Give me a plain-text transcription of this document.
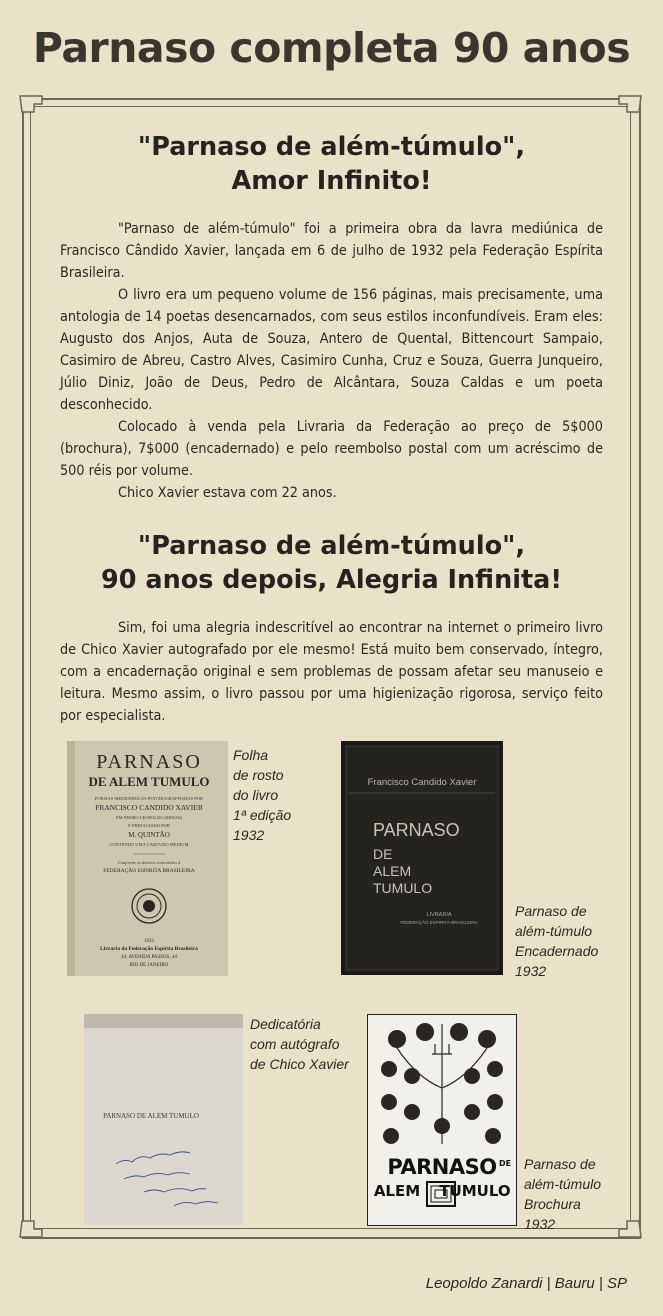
Parnaso completa 90 anos
"Parnaso de além-túmulo",
Amor Infinito!

"Parnaso de além-túmulo" foi a primeira obra da lavra mediúnica de Francisco Cândido Xavier, lançada em 6 de julho de 1932 pela Federação Espírita Brasileira.

O livro era um pequeno volume de 156 páginas, mais precisamente, uma antologia de 14 poetas desencarnados, com seus estilos inconfundíveis. Eram eles: Augusto dos Anjos, Auta de Souza, Antero de Quental, Bittencourt Sampaio, Casimiro de Abreu, Castro Alves, Casimiro Cunha, Cruz e Souza, Guerra Junqueiro, Júlio Diniz, João de Deus, Pedro de Alcântara, Souza Caldas e um poeta desconhecido.

Colocado à venda pela Livraria da Federação ao preço de 5$000 (brochura), 7$000 (encadernado) e pelo reembolso postal com um acréscimo de 500 réis por volume.

Chico Xavier estava com 22 anos.

"Parnaso de além-túmulo",
90 anos depois, Alegria Infinita!

Sim, foi uma alegria indescritível ao encontrar na internet o primeiro livro de Chico Xavier autografado por ele mesmo! Está muito bem conservado, íntegro, com a encadernação original e sem problemas de possam afetar seu manuseio e leitura. Mesmo assim, o livro passou por uma higienização rigorosa, serviço feito por especialista.

PARNASO
DE ALEM TUMULO
POESIAS MEDIUMNICAS PSYCHOGRAPHADAS POR
FRANCISCO CANDIDO XAVIER
EM PEDRO LEOPOLDO (MINAS)
E PREFACIADO POR
M. QUINTÃO
CONTENDO UMA CARTA DO MEDIUM
Conforme os direitos concedidos á
FEDERAÇÃO ESPIRITA BRASILEIRA
1932
Livraria da Federação Espirita Brasileira
44, AVENIDA PASSOS, 44
RIO DE JANEIRO
Folha
de rosto
do livro
1ª edição
1932
Francisco Candido Xavier
PARNASO
DE
ALEM
TUMULO
LIVRARIA
FEDERAÇÃO ESPIRITA BRASILEIRA
Parnaso de
além-túmulo
Encadernado
1932
PARNASO DE ALEM TUMULO
Dedicatória
com autógrafo
de Chico Xavier
PARNASO DE
ALEM TUMULO
Parnaso de
além-túmulo
Brochura
1932
Leopoldo Zanardi | Bauru | SP
